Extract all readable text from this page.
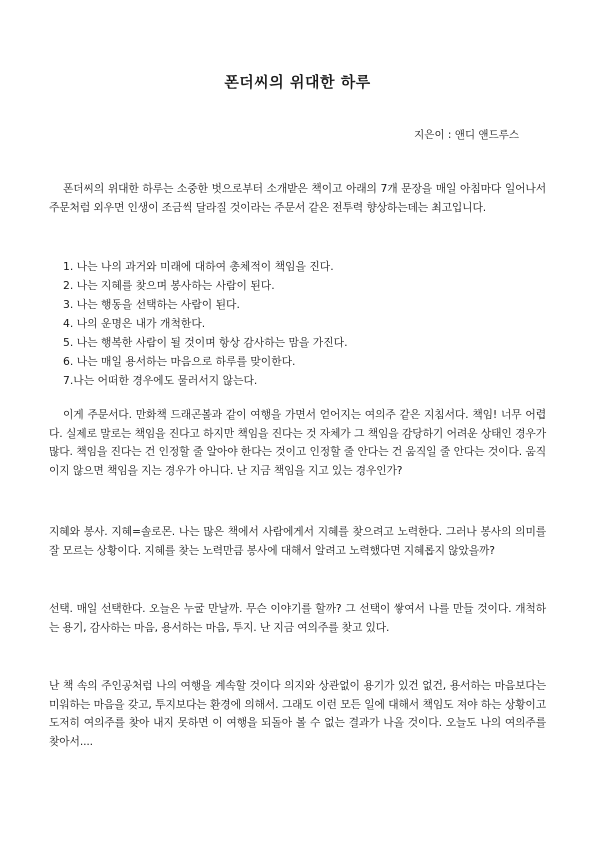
폰더씨의 위대한 하루
지은이 : 앤디 앤드루스
폰더씨의 위대한 하루는 소중한 벗으로부터 소개받은 책이고 아래의 7개 문장을 매일 아침마다 일어나서 주문처럼 외우면 인생이 조금씩 달라질 것이라는 주문서 같은 전투력 향상하는데는 최고입니다.
1. 나는 나의 과거와 미래에 대하여 총체적이 책임을 진다.
2. 나는 지혜를 찾으며 봉사하는 사람이 된다.
3. 나는 행동을 선택하는 사람이 된다.
4. 나의 운명은 내가 개척한다.
5. 나는 행복한 사람이 될 것이며 항상 감사하는 맘을 가진다.
6. 나는 매일 용서하는 마음으로 하루를 맞이한다.
7.나는 어떠한 경우에도 물러서지 않는다.
이게 주문서다. 만화책 드래곤볼과 같이 여행을 가면서 얻어지는 여의주 같은 지침서다. 책임! 너무 어렵다. 실제로 말로는 책임을 진다고 하지만 책임을 진다는 것 자체가 그 책임을 감당하기 어려운 상태인 경우가 많다. 책임을 진다는 건 인정할 줄 알아야 한다는 것이고 인정할 줄 안다는 건 움직일 줄 안다는 것이다. 움직이지 않으면 책임을 지는 경우가 아니다. 난 지금 책임을 지고 있는 경우인가?
지혜와 봉사. 지혜=솔로몬. 나는 많은 책에서 사람에게서 지혜를 찾으려고 노력한다. 그러나 봉사의 의미를 잘 모르는 상황이다. 지혜를 찾는 노력만큼 봉사에 대해서 알려고 노력했다면 지혜롭지 않았을까?
선택. 매일 선택한다. 오늘은 누굴 만날까. 무슨 이야기를 할까? 그 선택이 쌓여서 나를 만들 것이다. 개척하는 용기, 감사하는 마음, 용서하는 마음, 투지. 난 지금 여의주를 찾고 있다.
난 책 속의 주인공처럼 나의 여행을 계속할 것이다 의지와 상관없이 용기가 있건 없건, 용서하는 마음보다는 미워하는 마음을 갖고, 투지보다는 환경에 의해서. 그래도 이런 모든 일에 대해서 책임도 져야 하는 상황이고 도저히 여의주를 찾아 내지 못하면 이 여행을 되돌아 볼 수 없는 결과가 나올 것이다. 오늘도 나의 여의주를 찾아서....
